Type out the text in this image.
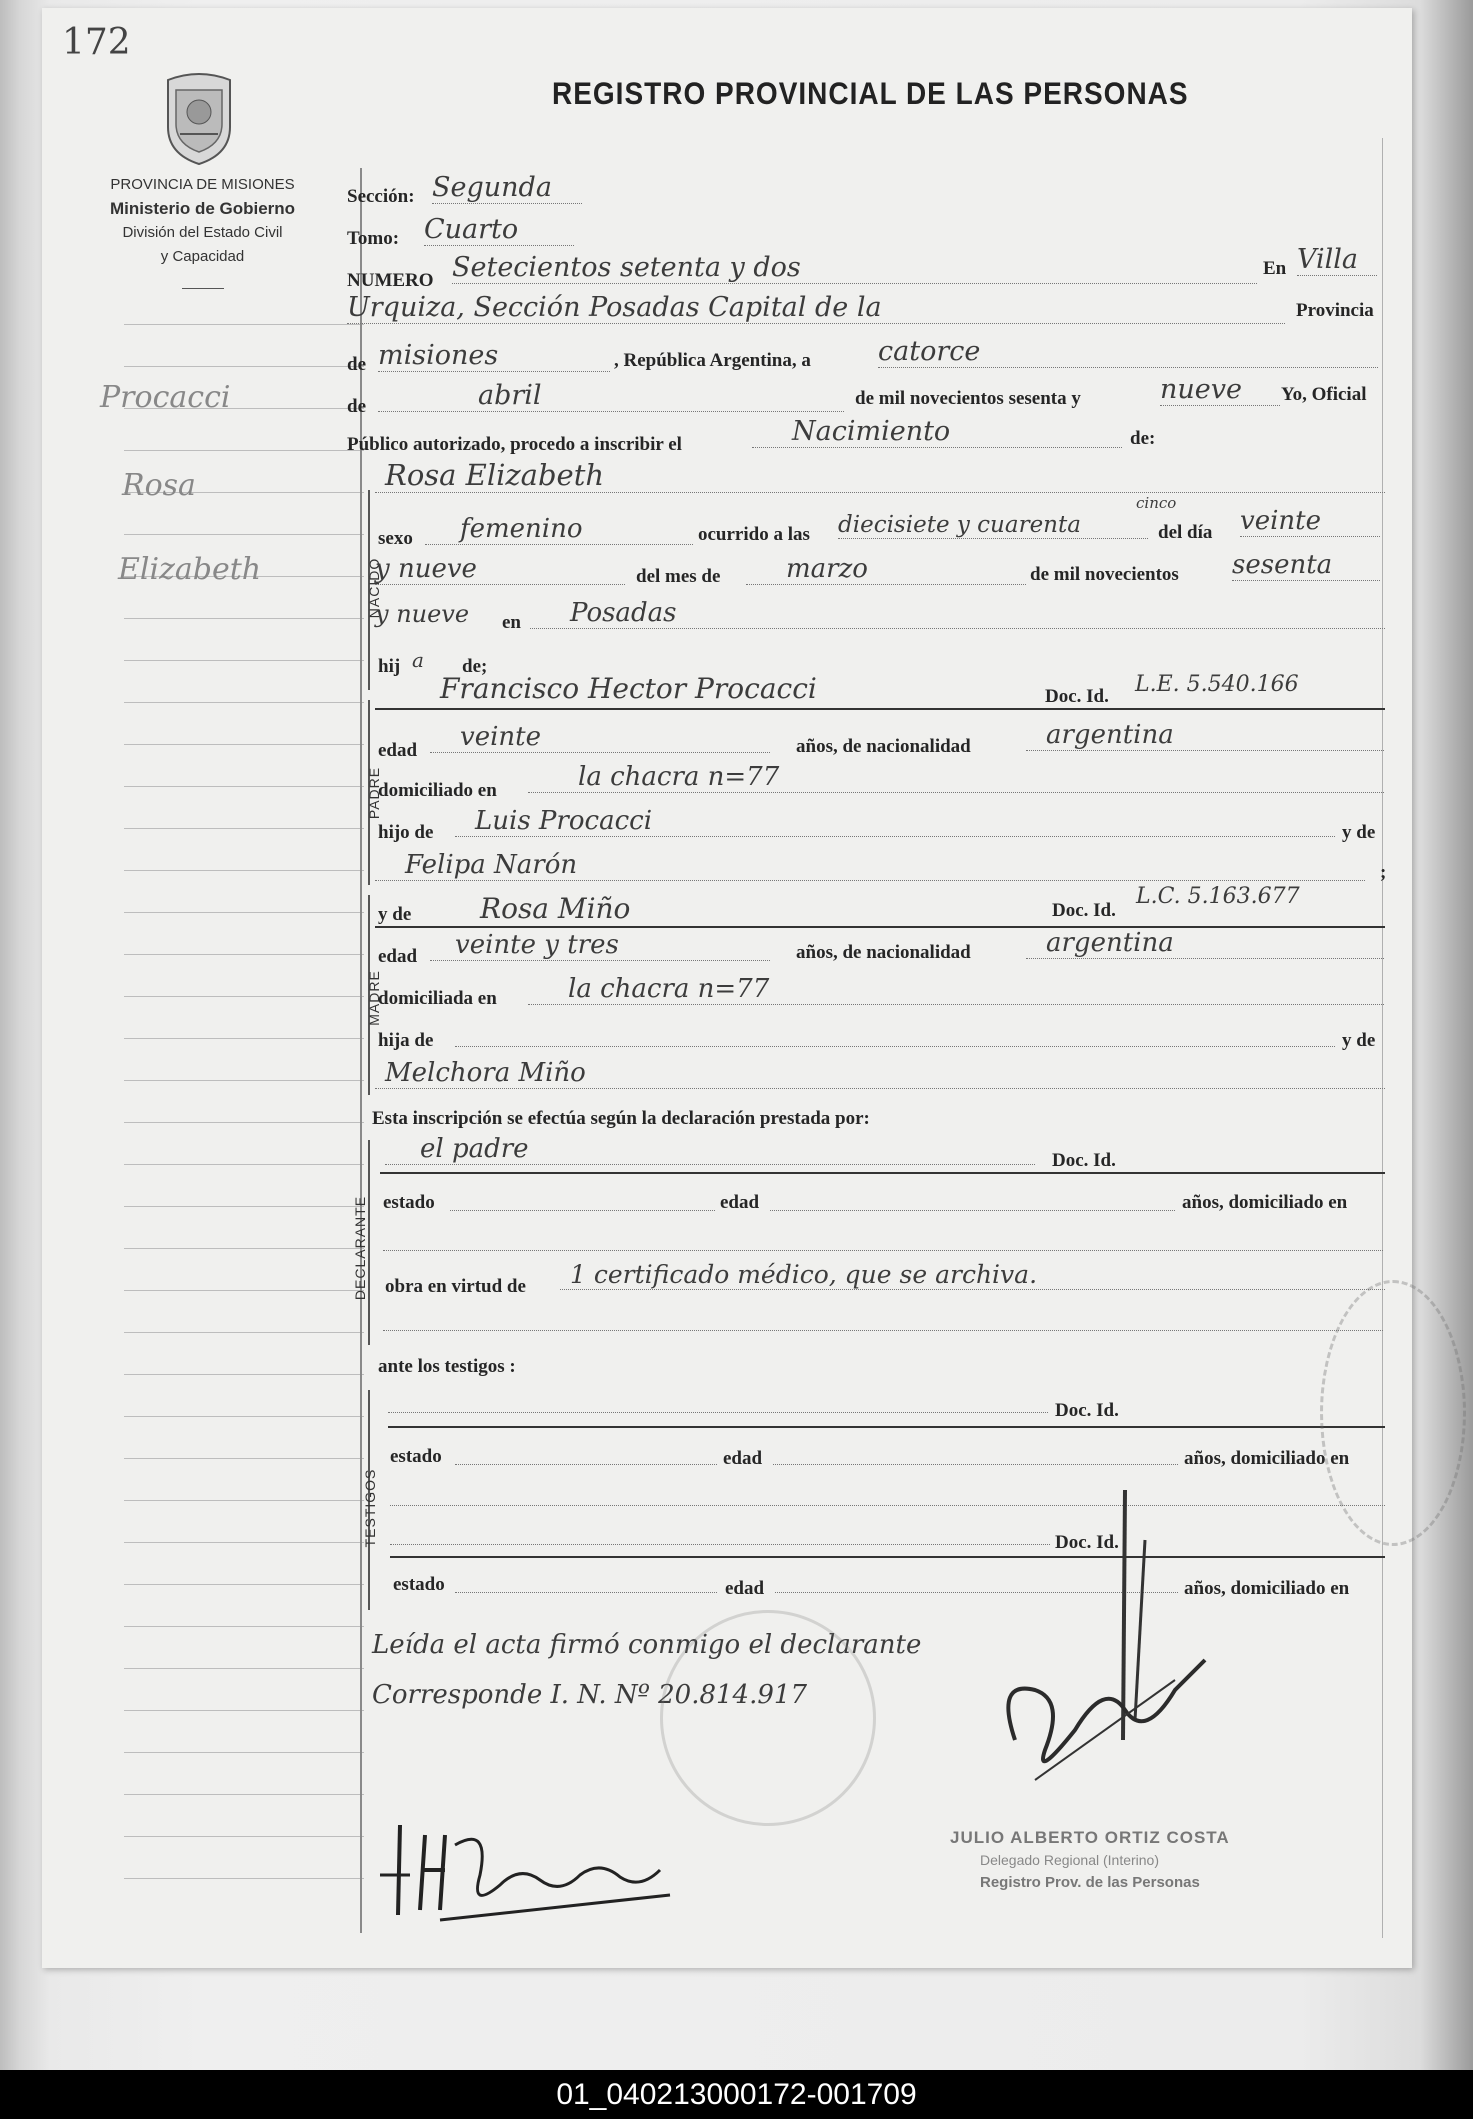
172
REGISTRO PROVINCIAL DE LAS PERSONAS
PROVINCIA DE MISIONES
Ministerio de Gobierno
División del Estado Civil
y Capacidad
Procacci
Rosa
Elizabeth
Sección: Segunda
Tomo: Cuarto
NUMERO Setecientos setenta y dos	En Villa
Urquiza, Sección Posadas Capital de la	Provincia
de misiones	, República Argentina, a catorce
de	abril	de mil novecientos sesenta y	nueve	Yo, Oficial
Público autorizado, procedo a inscribir el	Nacimiento	de:
Rosa Elizabeth
NACIDO
sexo	femenino	ocurrido a las diecisiete y cuarenta
cinco
del día veinte
y nueve	del mes de	marzo	de mil novecientos sesenta
y nueve en	Posadas
hij a de;
PADRE
Francisco Hector Procacci	Doc. Id. L.E. 5.540.166
edad	veinte	años, de nacionalidad	argentina
domiciliado en	la chacra n=77
hijo de	Luis Procacci	y de
Felipa Narón	;
MADRE
y de Rosa Miño	Doc. Id.
L.C. 5.163.677
edad	veinte y tres	años, de nacionalidad	argentina
domiciliada en	la chacra n=77
hija de	y de
Melchora Miño
Esta inscripción se efectúa según la declaración prestada por:
DECLARANTE
el padre	Doc. Id.
estado	edad	años, domiciliado en
obra en virtud de	1 certificado médico, que se archiva.
ante los testigos :
TESTIGOS
Doc. Id.
estado	edad	años, domiciliado en
Doc. Id.
estado	edad	años, domiciliado en
Leída el acta firmó conmigo el declarante
Corresponde I. N. Nº 20.814.917
JULIO ALBERTO ORTIZ COSTA
Delegado Regional (Interino)
Registro Prov. de las Personas
01_040213000172-001709
